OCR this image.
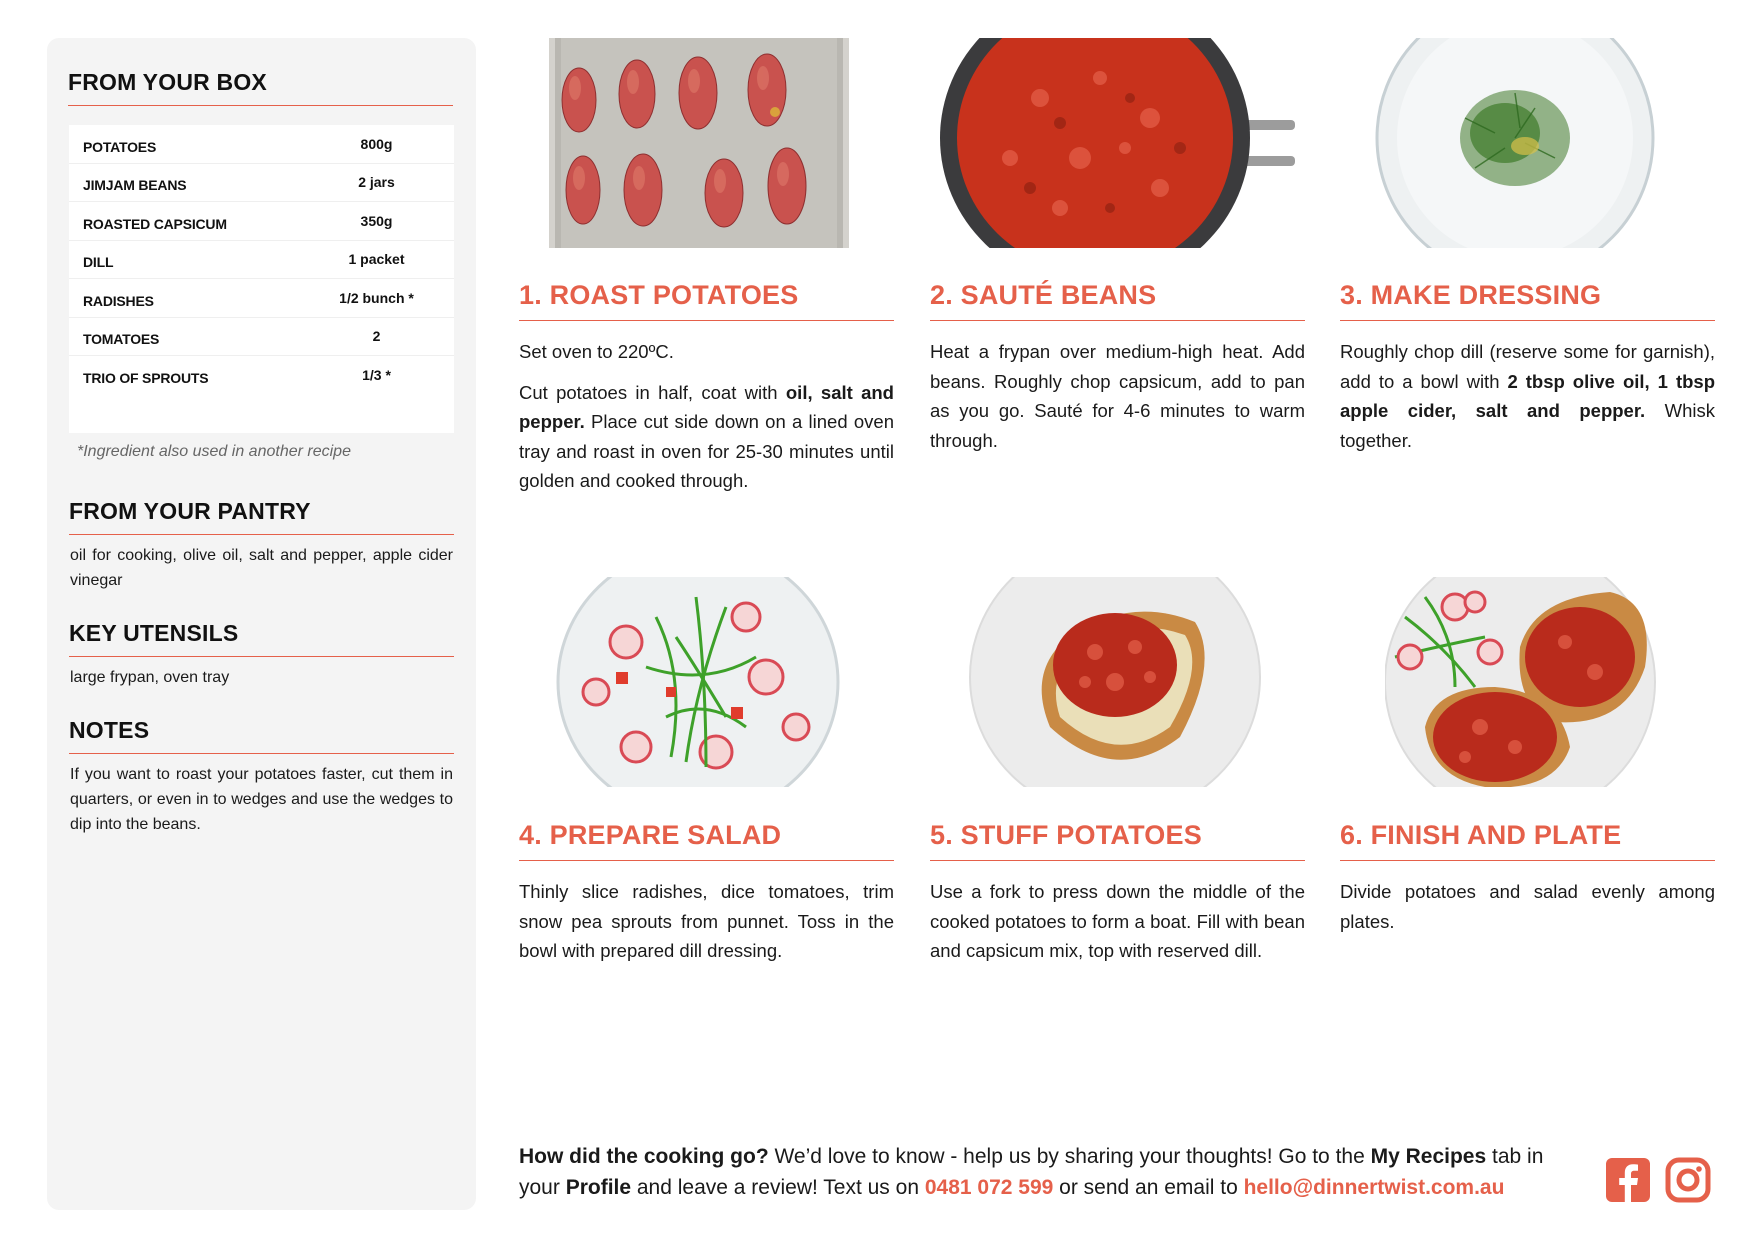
FROM YOUR BOX
POTATOES	800g
JIMJAM BEANS	2 jars
ROASTED CAPSICUM	350g
DILL	1 packet
RADISHES	1/2 bunch *
TOMATOES	2
TRIO OF SPROUTS	1/3 *
*Ingredient also used in another recipe
FROM YOUR PANTRY
oil for cooking, olive oil, salt and pepper, apple cider vinegar
KEY UTENSILS
large frypan, oven tray
NOTES
If you want to roast your potatoes faster, cut them in quarters, or even in to wedges and use the wedges to dip into the beans.
1. ROAST POTATOES

Set oven to 220ºC.

Cut potatoes in half, coat with oil, salt and pepper. Place cut side down on a lined oven tray and roast in oven for 25-30 minutes until golden and cooked through.

2. SAUTÉ BEANS

Heat a frypan over medium-high heat. Add beans. Roughly chop capsicum, add to pan as you go. Sauté for 4-6 minutes to warm through.

3. MAKE DRESSING

Roughly chop dill (reserve some for garnish), add to a bowl with 2 tbsp olive oil, 1 tbsp apple cider, salt and pepper. Whisk together.

4. PREPARE SALAD

Thinly slice radishes, dice tomatoes, trim snow pea sprouts from punnet. Toss in the bowl with prepared dill dressing.

5. STUFF POTATOES

Use a fork to press down the middle of the cooked potatoes to form a boat. Fill with bean and capsicum mix, top with reserved dill.

6. FINISH AND PLATE

Divide potatoes and salad evenly among plates.

How did the cooking go? We’d love to know - help us by sharing your thoughts! Go to the My Recipes tab in your Profile and leave a review! Text us on 0481 072 599 or send an email to hello@dinnertwist.com.au
